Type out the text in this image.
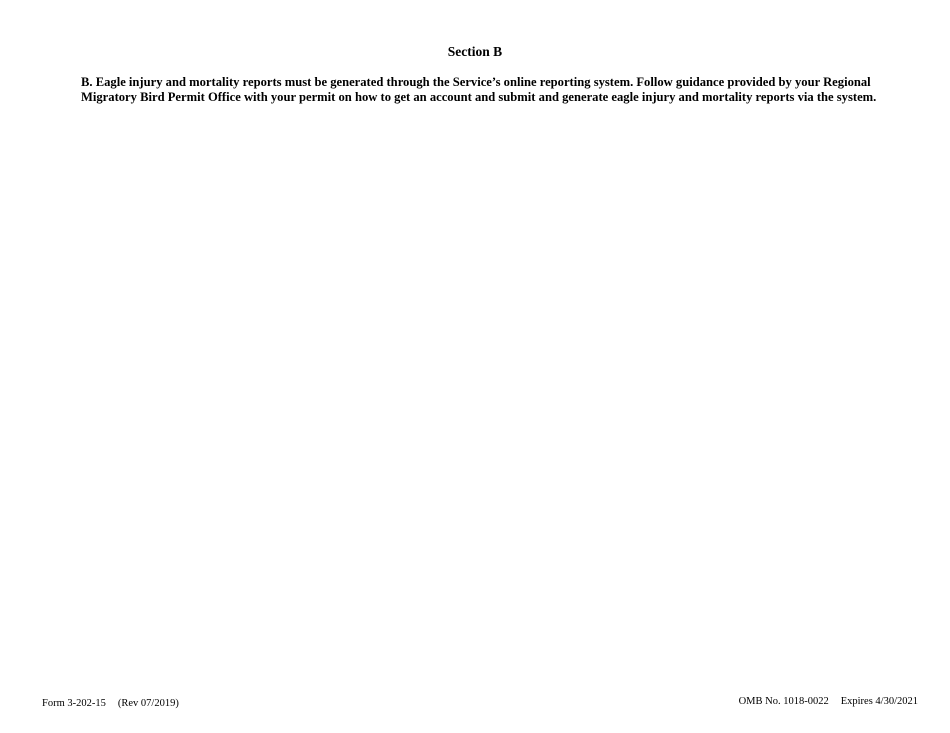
Section B

B. Eagle injury and mortality reports must be generated through the Service’s online reporting system. Follow guidance provided by your Regional Migratory Bird Permit Office with your permit on how to get an account and submit and generate eagle injury and mortality reports via the system.

Form 3-202-15 (Rev 07/2019)	OMB No. 1018-0022 Expires 4/30/2021
